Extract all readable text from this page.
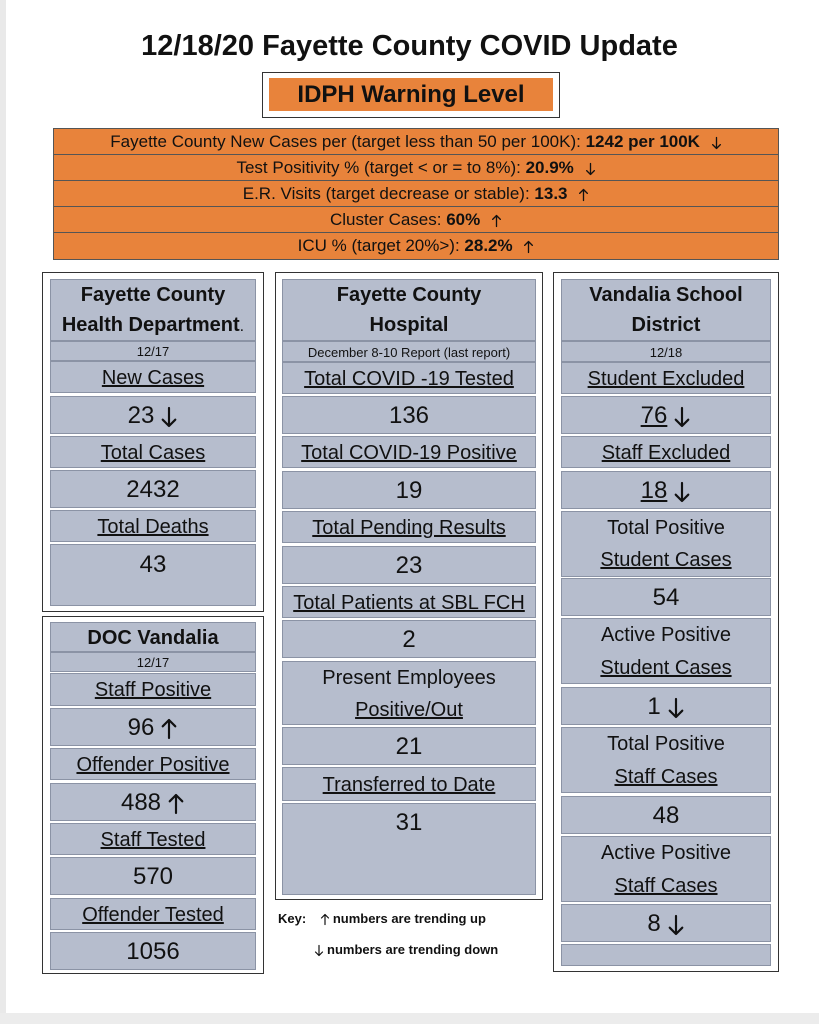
12/18/20 Fayette County COVID Update
IDPH Warning Level
Fayette County New Cases per (target less than 50 per 100K): 1242 per 100K
Test Positivity % (target < or = to 8%): 20.9%
E.R. Visits (target decrease or stable): 13.3
Cluster Cases: 60%
ICU % (target 20%>): 28.2%
Fayette County
Health Department.
12/17
New Cases
23
Total Cases
2432
Total Deaths
43
DOC Vandalia
12/17
Staff Positive
96
Offender Positive
488
Staff Tested
570
Offender Tested
1056
Fayette County
Hospital
December 8-10 Report (last report)
Total COVID -19 Tested
136
Total COVID-19 Positive
19
Total Pending Results
23
Total Patients at SBL FCH
2
Present Employees
Positive/Out
21
Transferred to Date
31
Key: numbers are trending up
numbers are trending down
Vandalia School
District
12/18
Student Excluded
76
Staff Excluded
18
Total Positive
Student Cases
54
Active Positive
Student Cases
1
Total Positive
Staff Cases
48
Active Positive
Staff Cases
8
